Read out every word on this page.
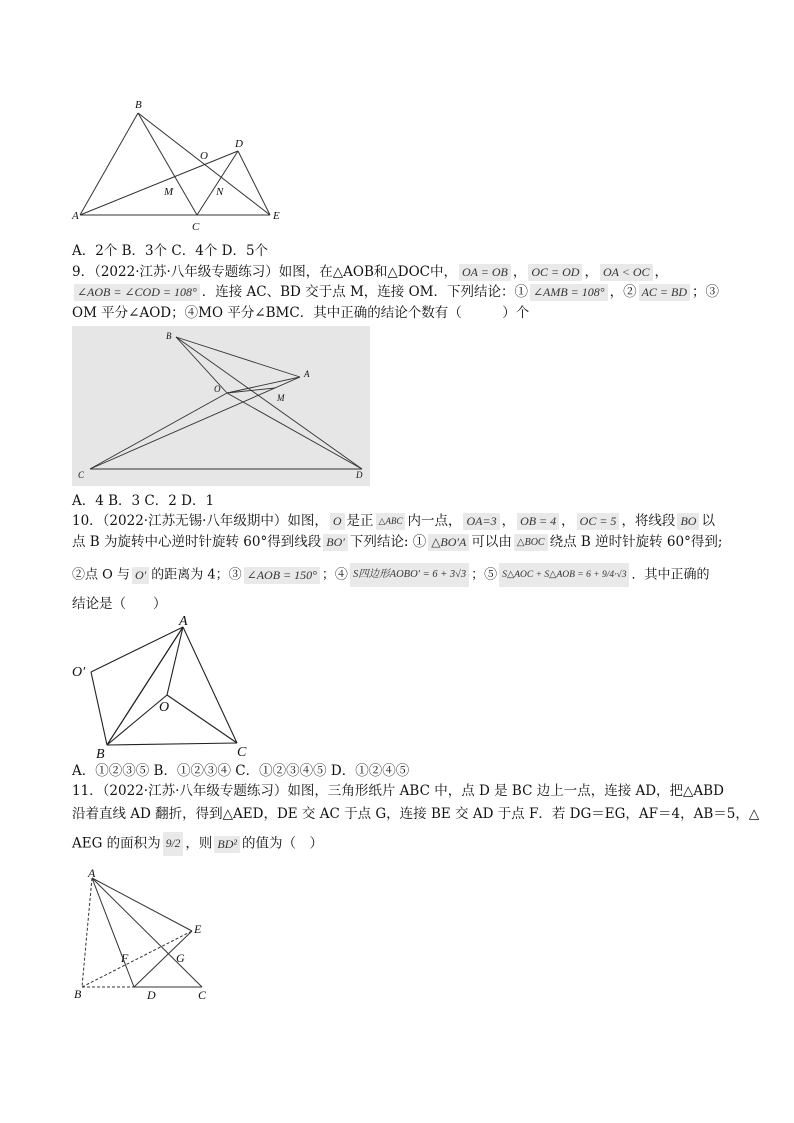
B
O
D
M	N
A
C
E
A．2个 B．3个 C．4个 D．5个
9．（2022·江苏·八年级专题练习）如图，在△AOB和△DOC中， OA = OB ， OC = OD ， OA < OC ，
∠AOB = ∠COD = 108° ．连接 AC、BD 交于点 M，连接 OM．下列结论：① ∠AMB = 108° ，② AC = BD ；③
OM 平分∠AOD；④MO 平分∠BMC．其中正确的结论个数有（　　　）个
B
A
O
M
C	D
A．4 B．3 C．2 D．1
10．（2022·江苏无锡·八年级期中）如图， O 是正 △ABC 内一点， OA=3 ， OB = 4 ， OC = 5 ，将线段 BO 以
点 B 为旋转中心逆时针旋转 60°得到线段 BO′ 下列结论: ① △BO′A 可以由 △BOC 绕点 B 逆时针旋转 60°得到;
②点 O 与 O′ 的距离为 4；③ ∠AOB = 150° ；④ S四边形AOBO′ = 6 + 3√3 ；⑤ S△AOC + S△AOB = 6 + 9/4·√3 ．其中正确的
结论是（　　）
A
O′
O
B	C
A．①②③⑤ B．①②③④ C．①②③④⑤ D．①②④⑤
11．（2022·江苏·八年级专题练习）如图，三角形纸片 ABC 中，点 D 是 BC 边上一点，连接 AD，把△ABD
沿着直线 AD 翻折，得到△AED，DE 交 AC 于点 G，连接 BE 交 AD 于点 F．若 DG＝EG，AF＝4，AB＝5，△
AEG 的面积为 9/2 ，则 BD² 的值为（　）
A
E
F	G
B	D	C
